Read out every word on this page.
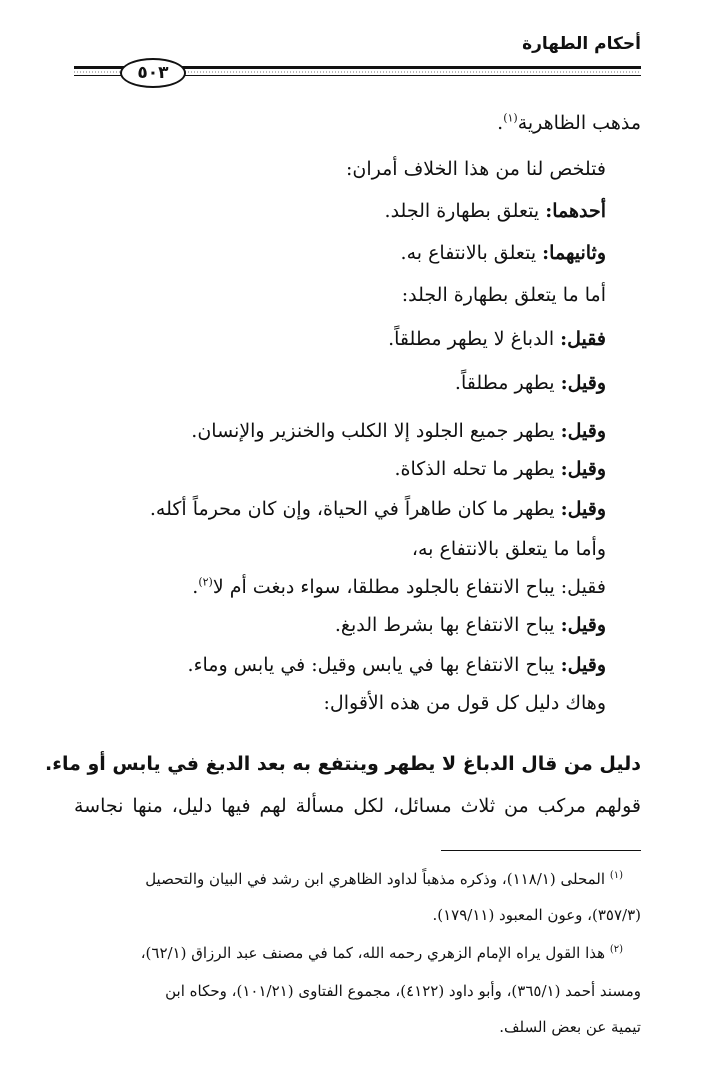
أحكام الطهارة
٥٠٣
مذهب الظاهرية$^{(١)}$.
فتلخص لنا من هذا الخلاف أمران:
أحدهما: يتعلق بطهارة الجلد.
وثانيهما: يتعلق بالانتفاع به.
أما ما يتعلق بطهارة الجلد:
فقيل: الدباغ لا يطهر مطلقاً.
وقيل: يطهر مطلقاً.
وقيل: يطهر جميع الجلود إلا الكلب والخنزير والإنسان.
وقيل: يطهر ما تحله الذكاة.
وقيل: يطهر ما كان طاهراً في الحياة، وإن كان محرماً أكله.
وأما ما يتعلق بالانتفاع به،
فقيل: يباح الانتفاع بالجلود مطلقا، سواء دبغت أم لا$^{(٢)}$.
وقيل: يباح الانتفاع بها بشرط الدبغ.
وقيل: يباح الانتفاع بها في يابس وقيل: في يابس وماء.
وهاك دليل كل قول من هذه الأقوال:
دليل من قال الدباغ لا يطهر وينتفع به بعد الدبغ في يابس أو ماء.
قولهم مركب من ثلاث مسائل، لكل مسألة لهم فيها دليل، منها نجاسة
$^{(١)}$ المحلى (١١٨/١)، وذكره مذهباً لداود الظاهري ابن رشد في البيان والتحصيل
(٣٥٧/٣)، وعون المعبود (١٧٩/١١).
$^{(٢)}$ هذا القول يراه الإمام الزهري رحمه الله، كما في مصنف عبد الرزاق (٦٢/١)،
ومسند أحمد (٣٦٥/١)، وأبو داود (٤١٢٢)، مجموع الفتاوى (١٠١/٢١)، وحكاه ابن
تيمية عن بعض السلف.
